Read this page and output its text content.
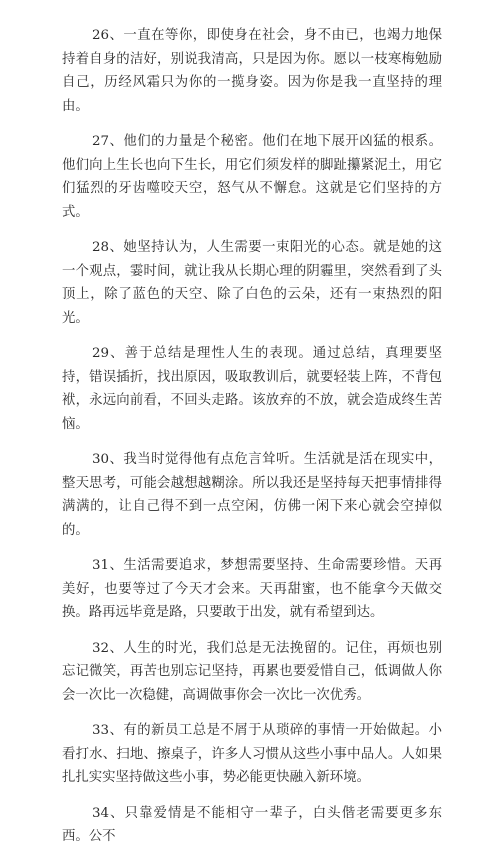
26、一直在等你，即使身在社会，身不由已，也竭力地保持着自身的洁好，别说我清高，只是因为你。愿以一枝寒梅勉励自己，历经风霜只为你的一揽身姿。因为你是我一直坚持的理由。

27、他们的力量是个秘密。他们在地下展开凶猛的根系。他们向上生长也向下生长，用它们须发样的脚趾攥紧泥土，用它们猛烈的牙齿噬咬天空，怒气从不懈怠。这就是它们坚持的方式。

28、她坚持认为，人生需要一束阳光的心态。就是她的这一个观点，霎时间，就让我从长期心理的阴霾里，突然看到了头顶上，除了蓝色的天空、除了白色的云朵，还有一束热烈的阳光。

29、善于总结是理性人生的表现。通过总结，真理要坚持，错误插折，找出原因，吸取教训后，就要轻装上阵，不背包袱，永远向前看，不回头走路。该放弃的不放，就会造成终生苦恼。

30、我当时觉得他有点危言耸听。生活就是活在现实中，整天思考，可能会越想越糊涂。所以我还是坚持每天把事情排得满满的，让自己得不到一点空闲，仿佛一闲下来心就会空掉似的。

31、生活需要追求，梦想需要坚持、生命需要珍惜。天再美好，也要等过了今天才会来。天再甜蜜，也不能拿今天做交换。路再远毕竟是路，只要敢于出发，就有希望到达。

32、人生的时光，我们总是无法挽留的。记住，再烦也别忘记微笑，再苦也别忘记坚持，再累也要爱惜自己，低调做人你会一次比一次稳健，高调做事你会一次比一次优秀。

33、有的新员工总是不屑于从琐碎的事情一开始做起。小看打水、扫地、擦桌子，许多人习惯从这些小事中品人。人如果扎扎实实坚持做这些小事，势必能更快融入新环境。

34、只靠爱情是不能相守一辈子，白头偕老需要更多东西。公不
